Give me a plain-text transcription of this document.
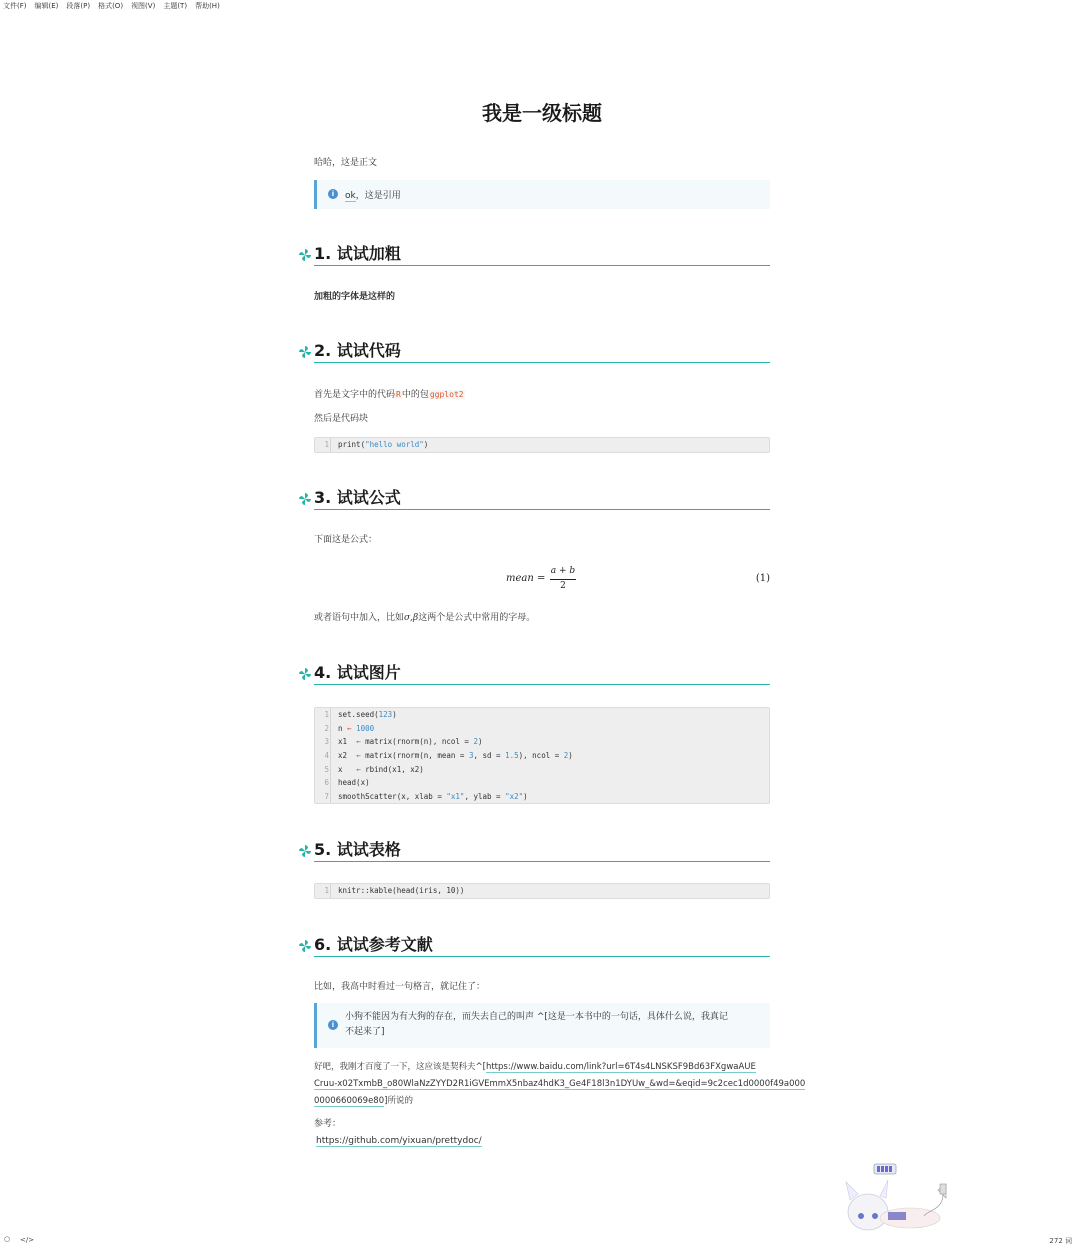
文件(F) 编辑(E) 段落(P) 格式(O) 视图(V) 主题(T) 帮助(H)
我是一级标题
哈哈，这是正文
i	ok，这是引用
1. 试试加粗
加粗的字体是这样的
2. 试试代码
首先是文字中的代码R中的包ggplot2
然后是代码块
1 print("hello world")
3. 试试公式
下面这是公式：
mean =
a + b
2
(1)
或者语句中加入，比如σ,β这两个是公式中常用的字母。
4. 试试图片
1 set.seed(123)
2 n ← 1000
3 x1  ← matrix(rnorm(n), ncol = 2)
4 x2  ← matrix(rnorm(n, mean = 3, sd = 1.5), ncol = 2)
5 x   ← rbind(x1, x2)
6 head(x)
7 smoothScatter(x, xlab = "x1", ylab = "x2")
5. 试试表格
1 knitr::kable(head(iris, 10))
6. 试试参考文献
比如，我高中时看过一句格言，就记住了：
i
小狗不能因为有大狗的存在，而失去自己的叫声 ^[这是一本书中的一句话，具体什么说，我真记
不起来了]
好吧，我刚才百度了一下，这应该是契科夫^[https://www.baidu.com/link?url=6T4s4LNSKSF9Bd63FXgwaAUE
Cruu-x02TxmbB_o80WlaNzZYYD2R1iGVEmmX5nbaz4hdK3_Ge4F18l3n1DYUw_&wd=&eqid=9c2cec1d0000f49a000
0000660069e80]所说的
参考：
https://github.com/yixuan/prettydoc/
○ </>	272 词
